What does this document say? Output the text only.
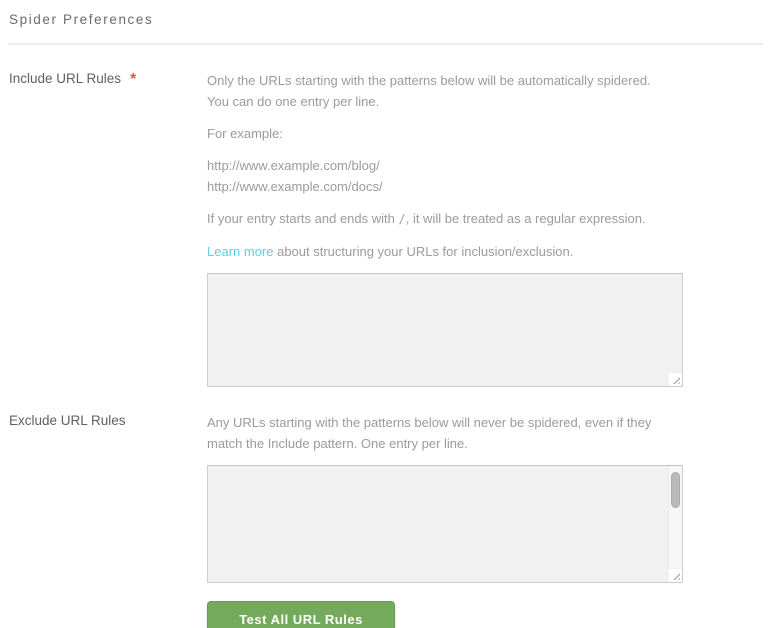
Spider Preferences
Include URL Rules *	Only the URLs starting with the patterns below will be automatically spidered.
You can do one entry per line.

For example:

http://www.example.com/blog/
http://www.example.com/docs/

If your entry starts and ends with /, it will be treated as a regular expression.

Learn more about structuring your URLs for inclusion/exclusion.

Exclude URL Rules	Any URLs starting with the patterns below will never be spidered, even if they
match the Include pattern. One entry per line.

Test All URL Rules
